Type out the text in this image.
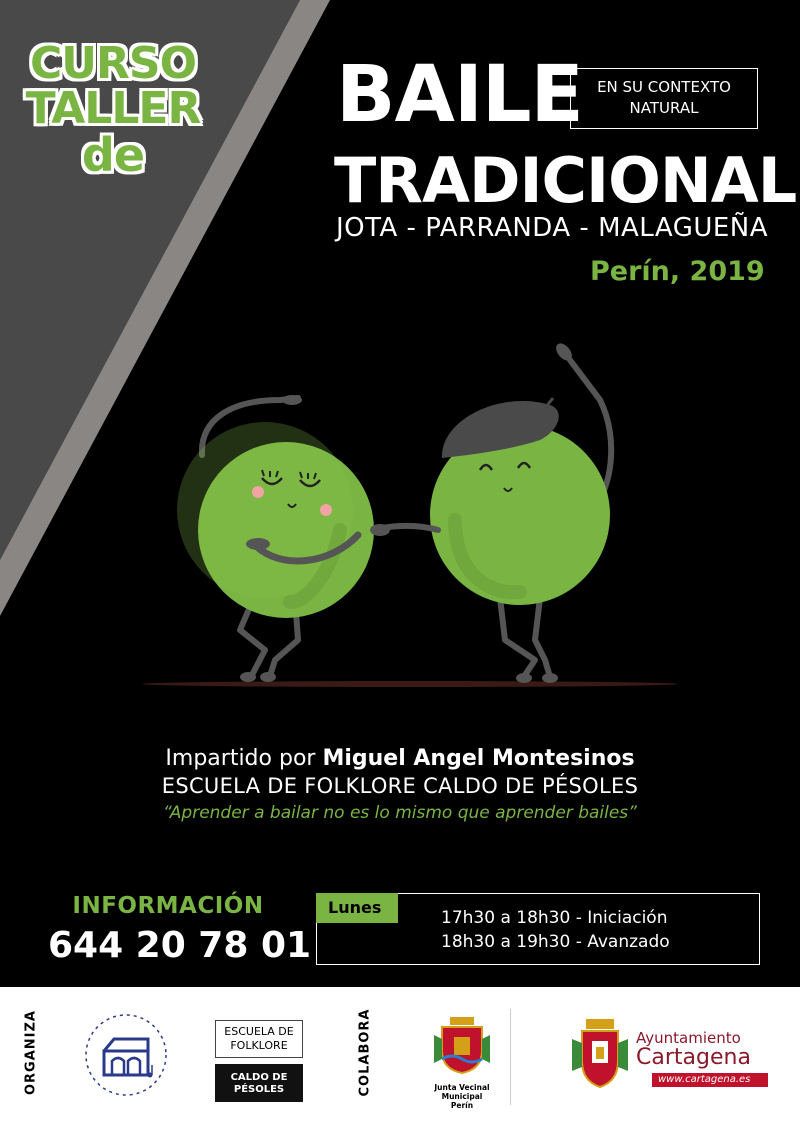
CURSO
TALLER
de
BAILE EN SU CONTEXTO
NATURAL
TRADICIONAL
JOTA - PARRANDA - MALAGUEÑA
Perín, 2019
Impartido por Miguel Angel Montesinos
ESCUELA DE FOLKLORE CALDO DE PÉSOLES
“Aprender a bailar no es lo mismo que aprender bailes”
INFORMACIÓN
644 20 78 01
Lunes
17h30 a 18h30 - Iniciación
18h30 a 19h30 - Avanzado
ORGANIZA	ESCUELA DE
FOLKLORE
CALDO DE
PÉSOLES	COLABORA	Junta Vecinal Municipal
Perín
Ayuntamiento
Cartagena
www.cartagena.es
